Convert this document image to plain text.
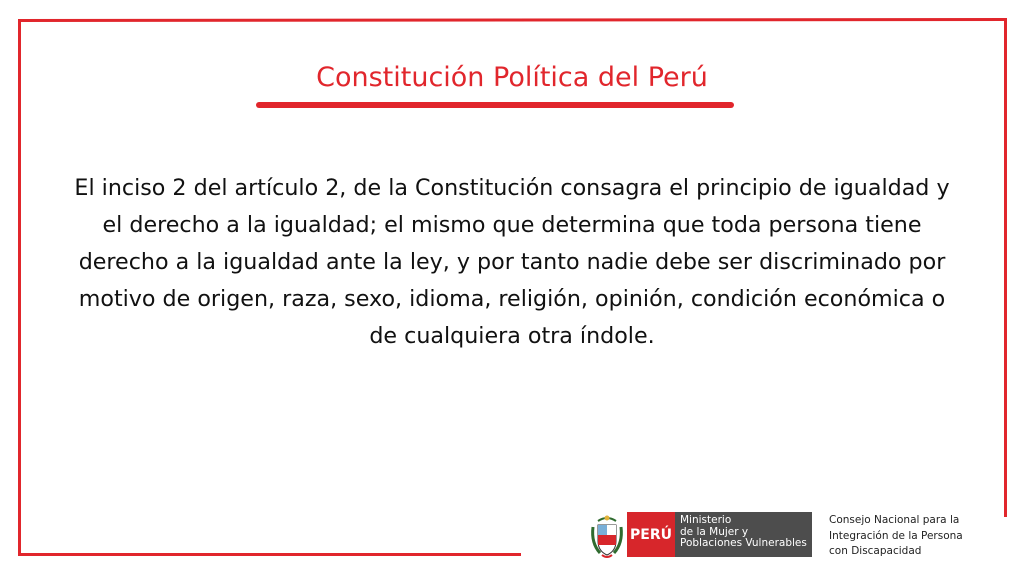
Constitución Política del Perú
El inciso 2 del artículo 2, de la Constitución consagra el principio de igualdad y el derecho a la igualdad; el mismo que determina que toda persona tiene derecho a la igualdad ante la ley, y por tanto nadie debe ser discriminado por motivo de origen, raza, sexo, idioma, religión, opinión, condición económica o de cualquiera otra índole.
PERÚ
Ministerio
de la Mujer y
Poblaciones Vulnerables
Consejo Nacional para la
Integración de la Persona
con Discapacidad
